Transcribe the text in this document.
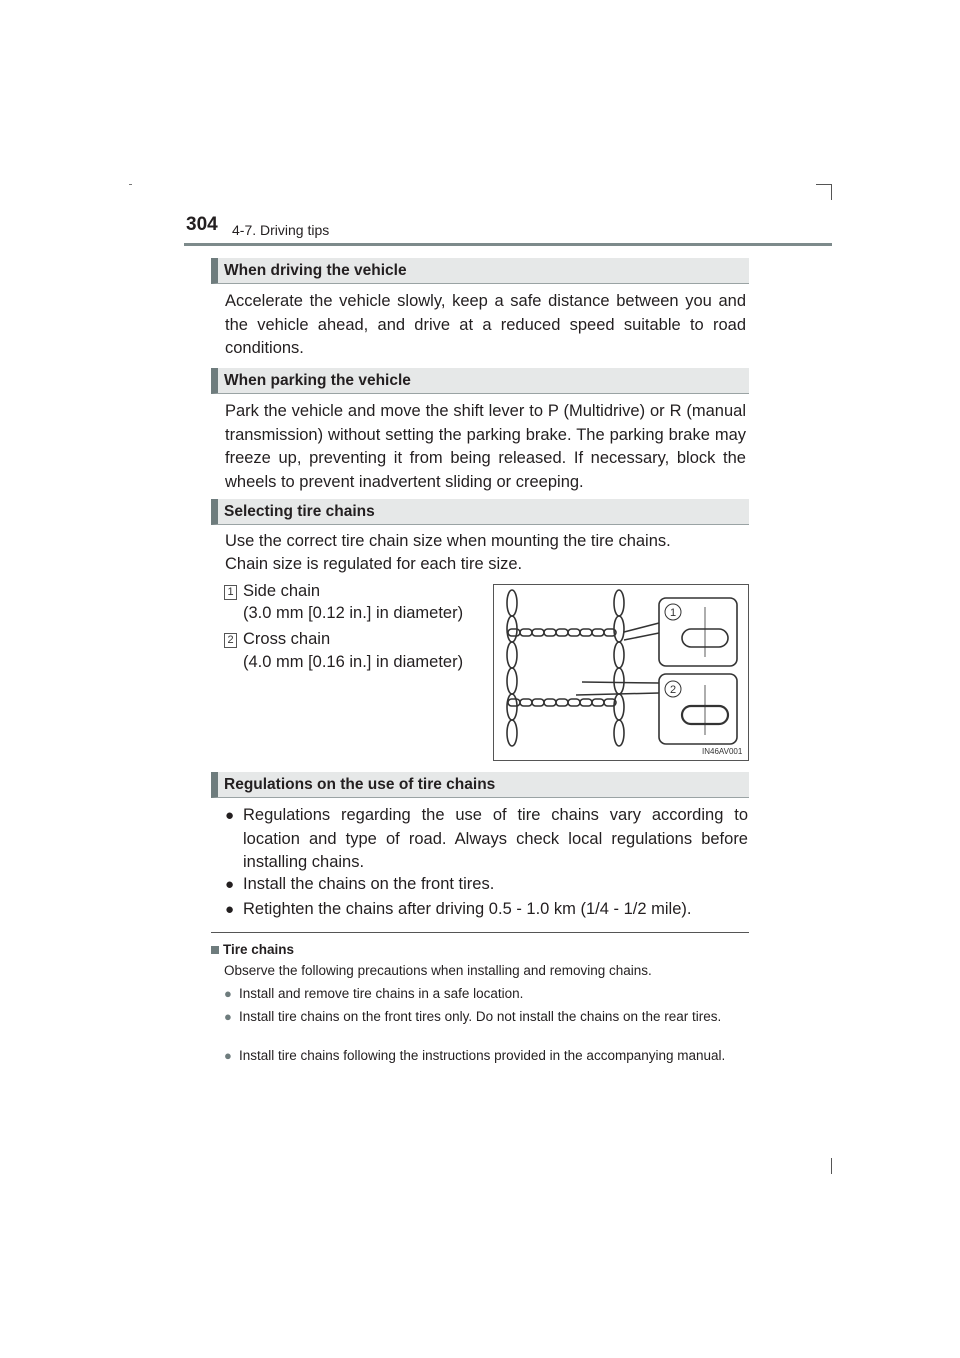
304 4-7. Driving tips
When driving the vehicle
Accelerate the vehicle slowly, keep a safe distance between you and the vehicle ahead, and drive at a reduced speed suitable to road conditions.
When parking the vehicle
Park the vehicle and move the shift lever to P (Multidrive) or R (manual transmission) without setting the parking brake. The parking brake may freeze up, preventing it from being released. If necessary, block the wheels to prevent inadvertent sliding or creeping.
Selecting tire chains
Use the correct tire chain size when mounting the tire chains.
Chain size is regulated for each tire size.
1 Side chain
(3.0 mm [0.12 in.] in diameter)
2 Cross chain
(4.0 mm [0.16 in.] in diameter)
1
2
IN46AV001
Regulations on the use of tire chains
● Regulations regarding the use of tire chains vary according to location and type of road. Always check local regulations before installing chains.
● Install the chains on the front tires.
● Retighten the chains after driving 0.5 - 1.0 km (1/4 - 1/2 mile).
Tire chains
Observe the following precautions when installing and removing chains.
● Install and remove tire chains in a safe location.
● Install tire chains on the front tires only. Do not install the chains on the rear tires.
● Install tire chains following the instructions provided in the accompanying manual.
